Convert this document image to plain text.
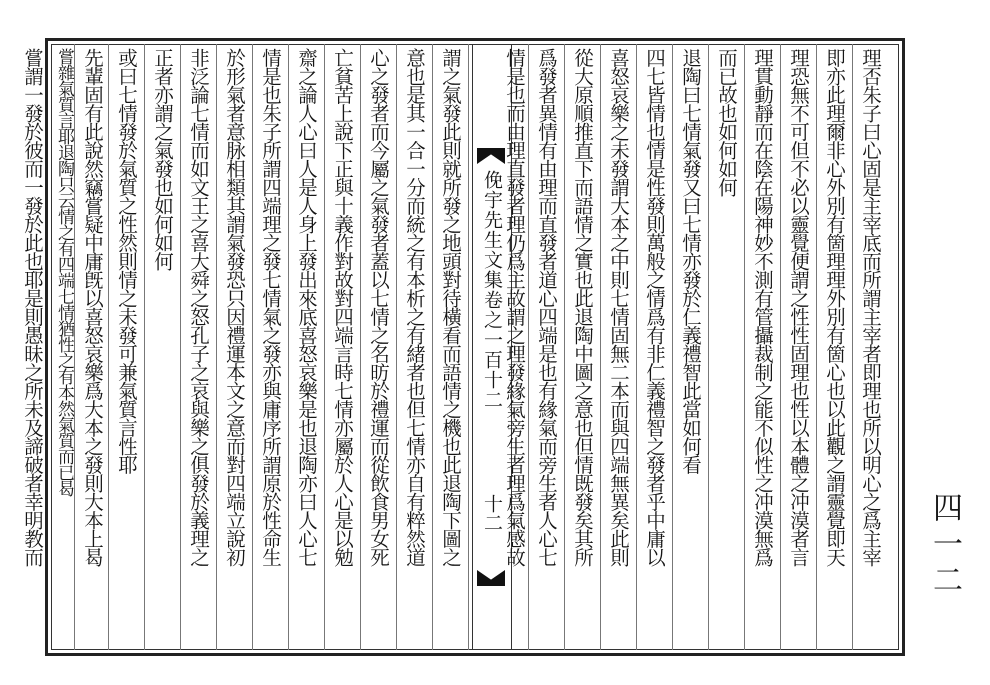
理否朱子曰心固是主宰底而所謂主宰者即理也所以明心之爲主宰
即亦此理爾非心外別有箇理理外別有箇心也以此觀之謂靈覺即天
理恐無不可但不必以靈覺便謂之性性固理也性以本體之冲漠者言
理貫動靜而在陰在陽神妙不測有管攝裁制之能不似性之冲漠無爲
而已故也如何如何
退陶曰七情氣發又曰七情亦發於仁義禮智此當如何看
四七皆情也情是性發則萬般之情爲有非仁義禮智之發者乎中庸以
喜怒哀樂之未發謂大本之中則七情固無二本而與四端無異矣此則
從大原順推直下而語情之實也此退陶中圖之意也但情既發矣其所
爲發者異情有由理而直發者道心四端是也有緣氣而旁生者人心七
俛宇先生文集卷之一百十二
十二 情是也而由理直發者理仍爲主故謂之理發緣氣旁生者理爲氣感故
謂之氣發此則就所發之地頭對待橫看而語情之機也此退陶下圖之
意也是其一合一分而統之有本析之有緒者也但七情亦自有粹然道
心之發者而今屬之氣發者蓋以七情之名昉於禮運而從飲食男女死
亡貧苦上說下正與十義作對故對四端言時七情亦屬於人心是以勉
齋之論人心曰人是人身上發出來底喜怒哀樂是也退陶亦曰人心七
情是也朱子所謂四端理之發七情氣之發亦與庸序所謂原於性命生
於形氣者意脉相類其謂氣發恐只因禮運本文之意而對四端立說初
非泛論七情而如文王之喜大舜之怒孔子之哀與樂之俱發於義理之
正者亦謂之氣發也如何如何
或曰七情發於氣質之性然則情之未發可兼氣質言性耶
先輩固有此說然竊嘗疑中庸旣以喜怒哀樂爲大本之發則大本上曷
嘗雜氣質言耶退陶只云情之有四端七情猶性之有本然氣質而已曷
嘗謂一發於彼而一發於此也耶是則愚昧之所未及諦破者幸明教而	四一二
